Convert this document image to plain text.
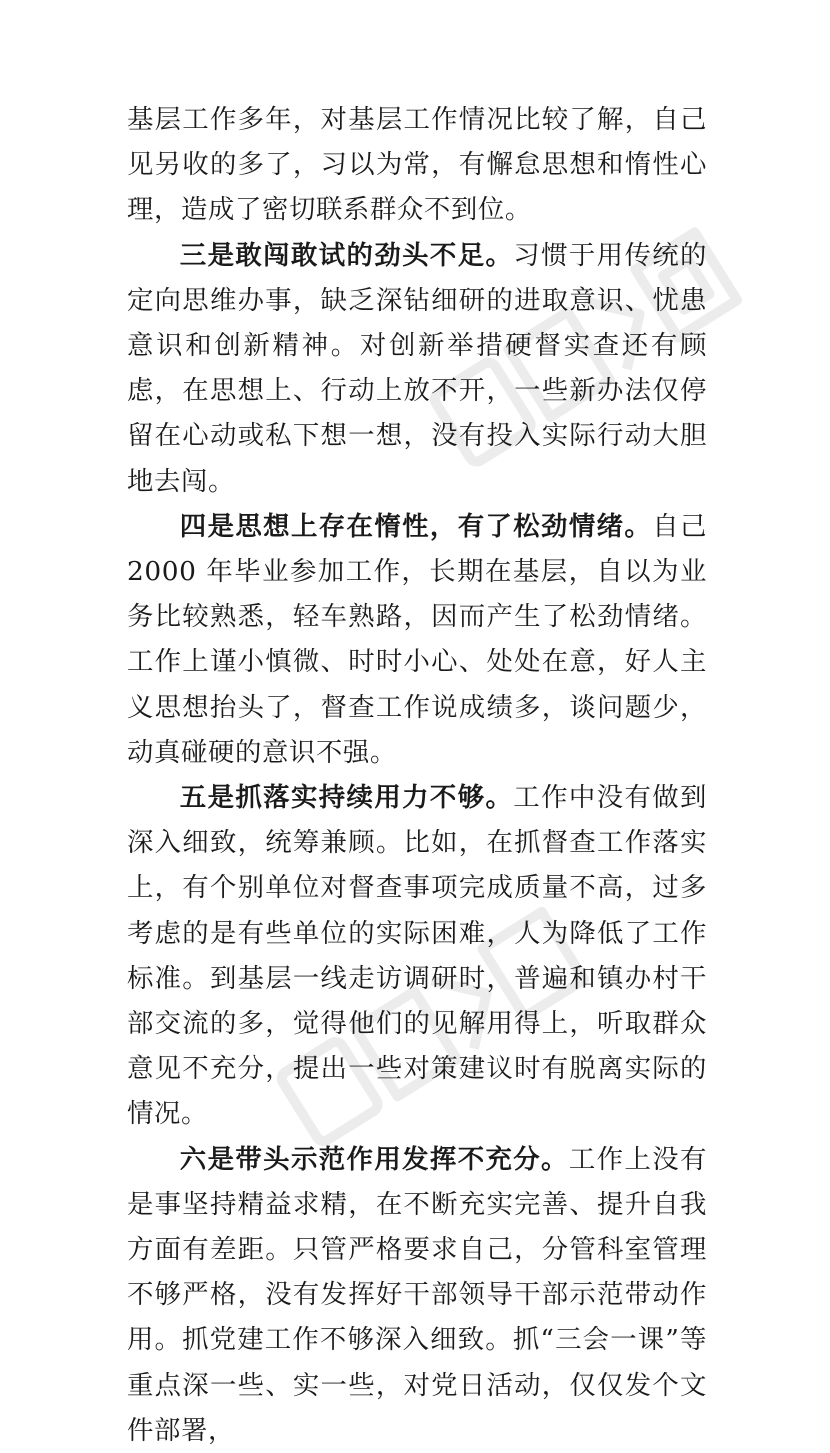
基层工作多年，对基层工作情况比较了解，自己见另收的多了，习以为常，有懈怠思想和惰性心理，造成了密切联系群众不到位。

三是敢闯敢试的劲头不足。习惯于用传统的定向思维办事，缺乏深钻细研的进取意识、忧患意识和创新精神。对创新举措硬督实查还有顾虑，在思想上、行动上放不开，一些新办法仅停留在心动或私下想一想，没有投入实际行动大胆地去闯。

四是思想上存在惰性，有了松劲情绪。自己 2000 年毕业参加工作，长期在基层，自以为业务比较熟悉，轻车熟路，因而产生了松劲情绪。工作上谨小慎微、时时小心、处处在意，好人主义思想抬头了，督查工作说成绩多，谈问题少，动真碰硬的意识不强。

五是抓落实持续用力不够。工作中没有做到深入细致，统筹兼顾。比如，在抓督查工作落实上，有个别单位对督查事项完成质量不高，过多考虑的是有些单位的实际困难，人为降低了工作标准。到基层一线走访调研时，普遍和镇办村干部交流的多，觉得他们的见解用得上，听取群众意见不充分，提出一些对策建议时有脱离实际的情况。

六是带头示范作用发挥不充分。工作上没有是事坚持精益求精，在不断充实完善、提升自我方面有差距。只管严格要求自己，分管科室管理不够严格，没有发挥好干部领导干部示范带动作用。抓党建工作不够深入细致。抓“三会一课”等重点深一些、实一些，对党日活动，仅仅发个文件部署，
